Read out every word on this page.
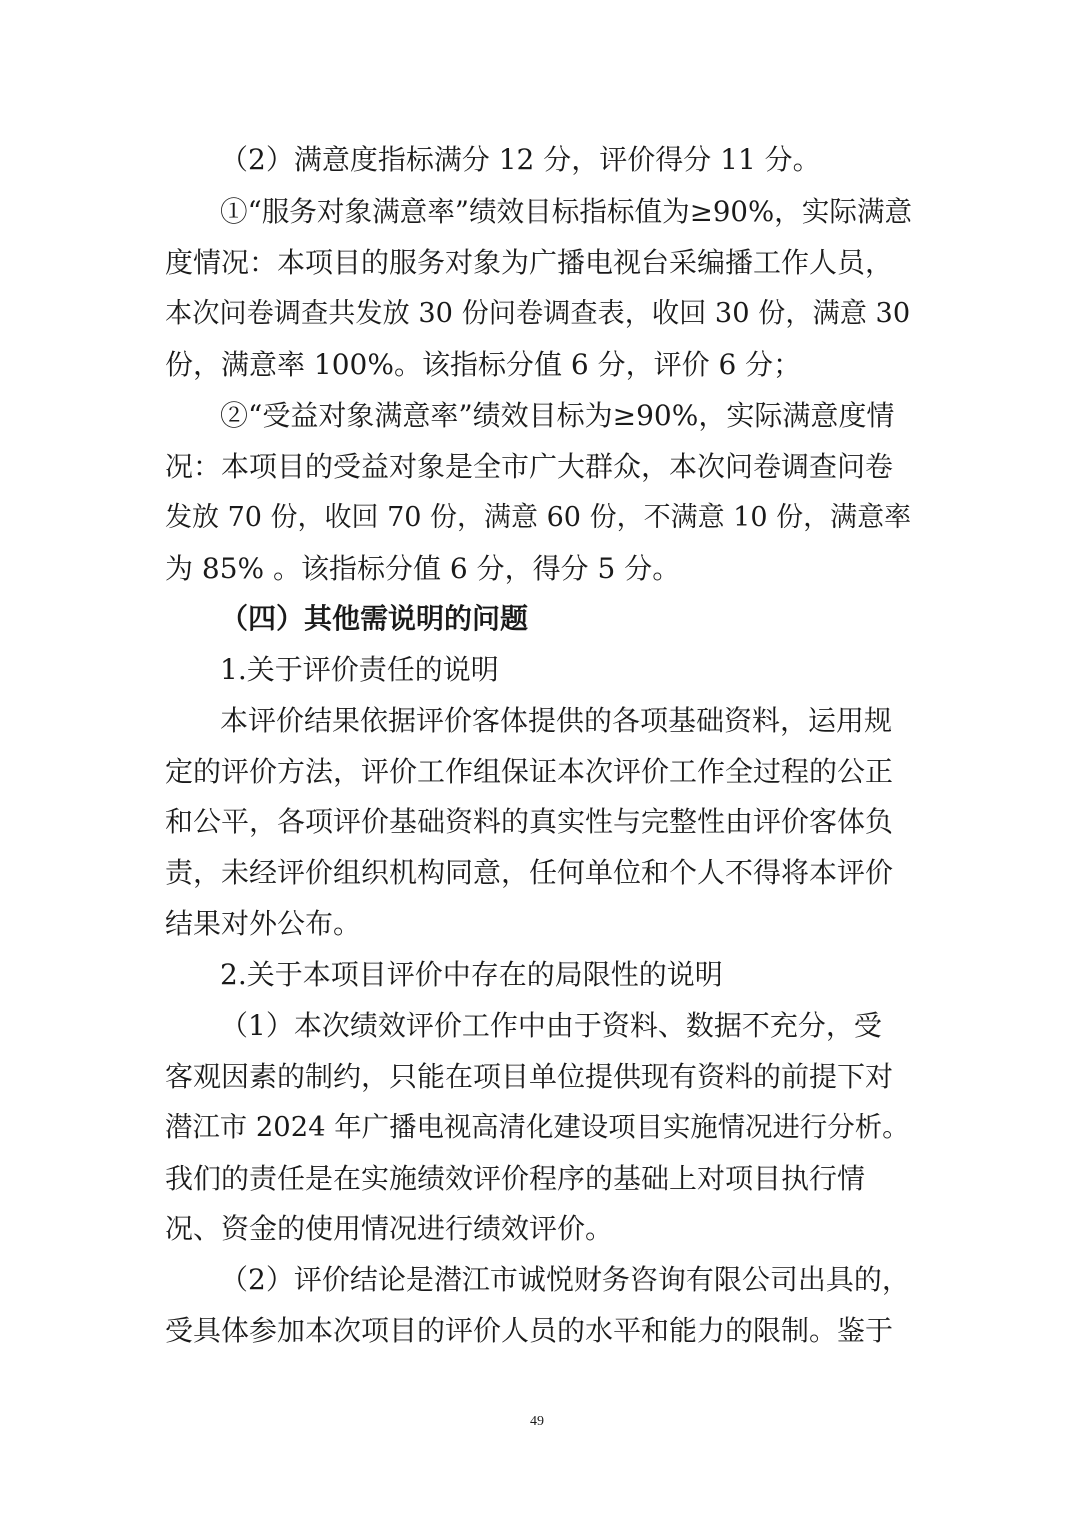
（2）满意度指标满分 12 分，评价得分 11 分。
①“服务对象满意率”绩效目标指标值为≥90%，实际满意
度情况：本项目的服务对象为广播电视台采编播工作人员，
本次问卷调查共发放 30 份问卷调查表，收回 30 份，满意 30
份，满意率 100%。该指标分值 6 分，评价 6 分；
②“受益对象满意率”绩效目标为≥90%，实际满意度情
况：本项目的受益对象是全市广大群众，本次问卷调查问卷
发放 70 份，收回 70 份，满意 60 份，不满意 10 份，满意率
为 85% 。该指标分值 6 分，得分 5 分。
（四）其他需说明的问题
1.关于评价责任的说明
本评价结果依据评价客体提供的各项基础资料，运用规
定的评价方法，评价工作组保证本次评价工作全过程的公正
和公平，各项评价基础资料的真实性与完整性由评价客体负
责，未经评价组织机构同意，任何单位和个人不得将本评价
结果对外公布。
2.关于本项目评价中存在的局限性的说明
（1）本次绩效评价工作中由于资料、数据不充分，受
客观因素的制约，只能在项目单位提供现有资料的前提下对
潜江市 2024 年广播电视高清化建设项目实施情况进行分析。
我们的责任是在实施绩效评价程序的基础上对项目执行情
况、资金的使用情况进行绩效评价。
（2）评价结论是潜江市诚悦财务咨询有限公司出具的，
受具体参加本次项目的评价人员的水平和能力的限制。鉴于
49
